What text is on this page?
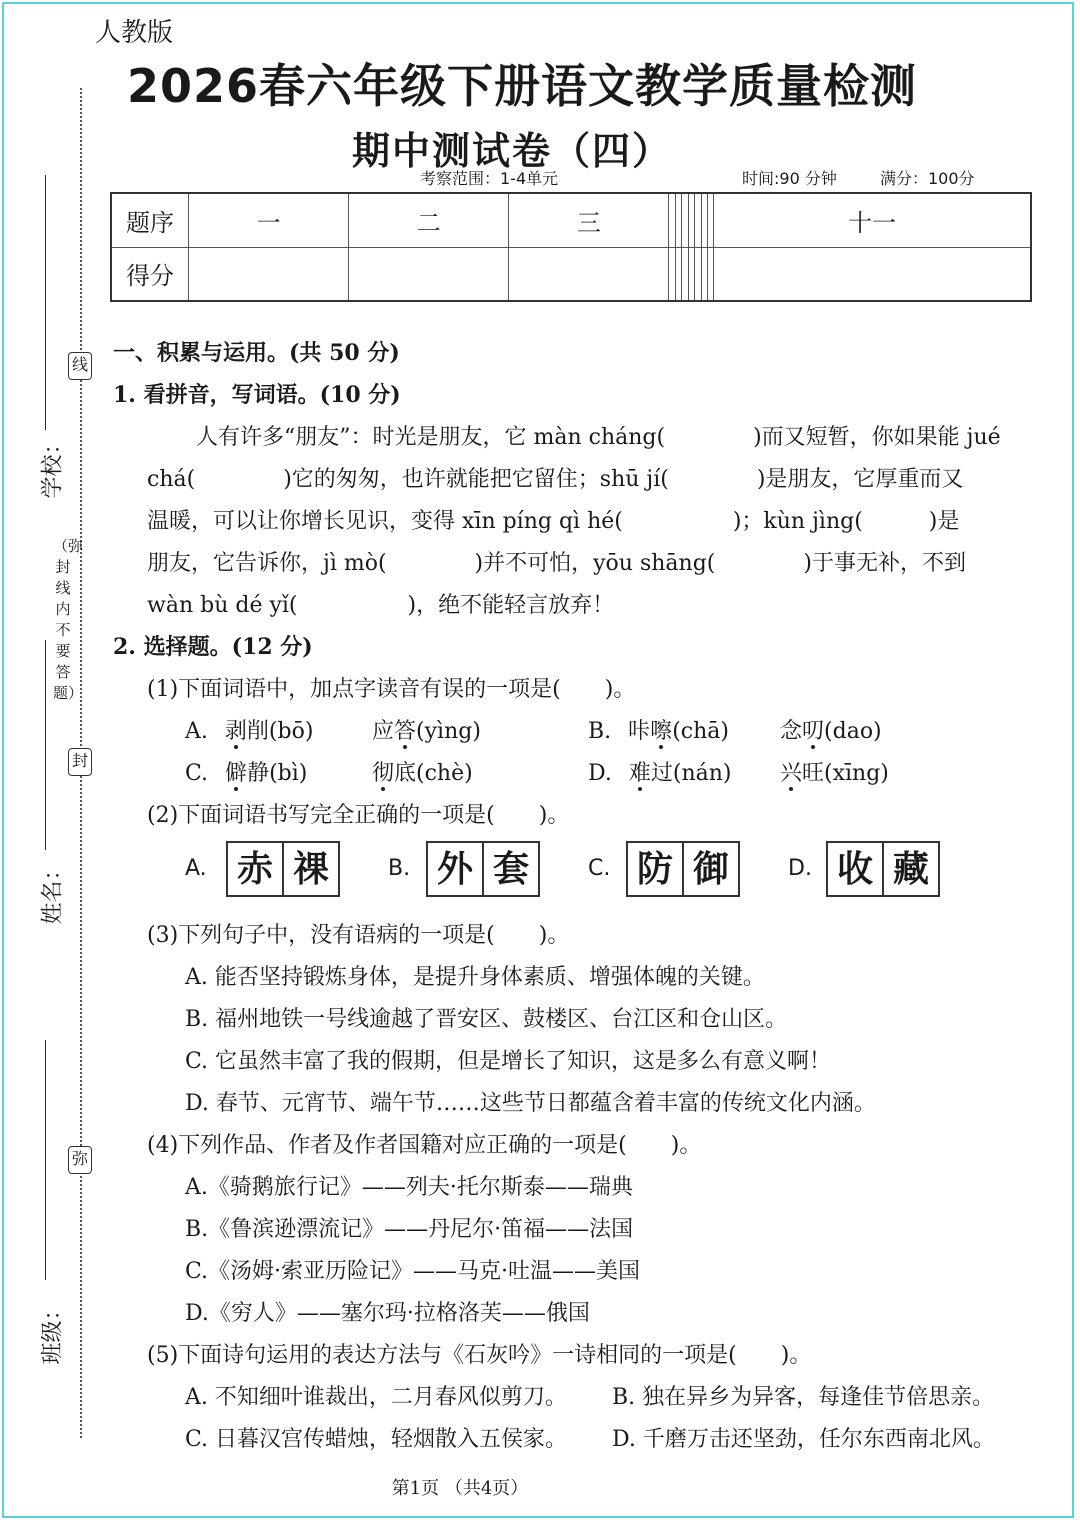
人教版
2026春六年级下册语文教学质量检测
期中测试卷（四）
考察范围：1-4单元	时间:90 分钟	满分：100分
题序	一	二	三								十一
得分											
线
封
弥
（弥封线内不要答题）
学校：
姓名：
班级：
一、积累与运用。(共 50 分)
1. 看拼音，写词语。(10 分)
人有许多“朋友”：时光是朋友，它 màn cháng(　　　　)而又短暂，你如果能 jué
chá(　　　　)它的匆匆，也许就能把它留住；shū jí(　　　　)是朋友，它厚重而又
温暖，可以让你增长见识，变得 xīn píng qì hé(　　　　　)；kùn jìng(　　　)是
朋友，它告诉你，jì mò(　　　　)并不可怕，yōu shāng(　　　　)于事无补，不到
wàn bù dé yǐ(　　　　　)，绝不能轻言放弃！
2. 选择题。(12 分)
(1)下面词语中，加点字读音有误的一项是(　　)。
A. 剥削(bō)	应答(yìng)	B. 咔嚓(chā) 念叨(dao)
C. 僻静(bì)	彻底(chè)	D. 难过(nán) 兴旺(xīng)
(2)下面词语书写完全正确的一项是(　　)。
A. 赤 祼	B. 外 套	C. 防 御	D. 收 藏
(3)下列句子中，没有语病的一项是(　　)。
A. 能否坚持锻炼身体，是提升身体素质、增强体魄的关键。
B. 福州地铁一号线逾越了晋安区、鼓楼区、台江区和仓山区。
C. 它虽然丰富了我的假期，但是增长了知识，这是多么有意义啊！
D. 春节、元宵节、端午节……这些节日都蕴含着丰富的传统文化内涵。
(4)下列作品、作者及作者国籍对应正确的一项是(　　)。
A.《骑鹅旅行记》——列夫·托尔斯泰——瑞典
B.《鲁滨逊漂流记》——丹尼尔·笛福——法国
C.《汤姆·索亚历险记》——马克·吐温——美国
D.《穷人》——塞尔玛·拉格洛芙——俄国
(5)下面诗句运用的表达方法与《石灰吟》一诗相同的一项是(　　)。
A. 不知细叶谁裁出，二月春风似剪刀。 B. 独在异乡为异客，每逢佳节倍思亲。
C. 日暮汉宫传蜡烛，轻烟散入五侯家。 D. 千磨万击还坚劲，任尔东西南北风。
第1页 （共4页）
